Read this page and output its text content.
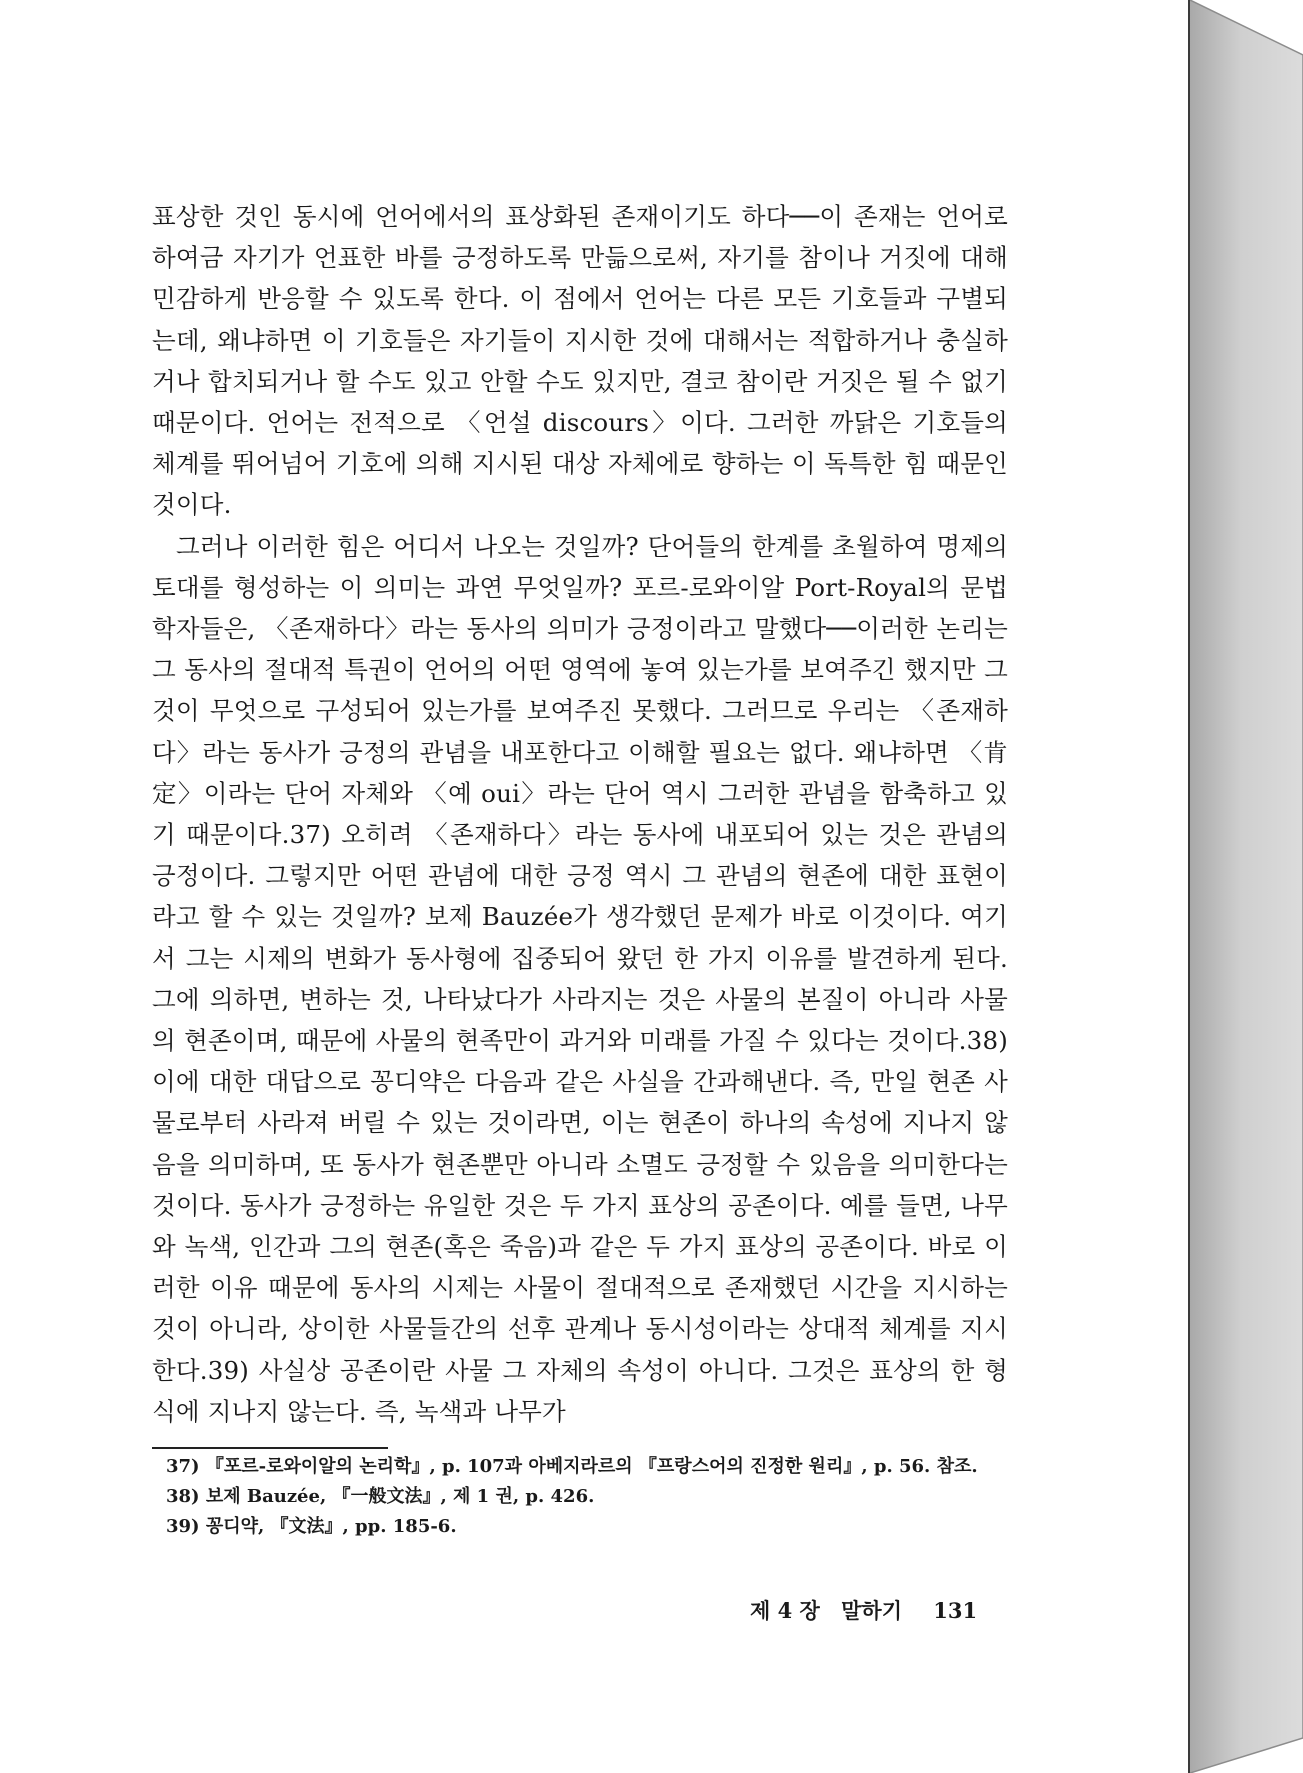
표상한 것인 동시에 언어에서의 표상화된 존재이기도 하다──이 존재는 언어로 하여금 자기가 언표한 바를 긍정하도록 만듦으로써, 자기를 참이나 거짓에 대해 민감하게 반응할 수 있도록 한다. 이 점에서 언어는 다른 모든 기호들과 구별되는데, 왜냐하면 이 기호들은 자기들이 지시한 것에 대해서는 적합하거나 충실하거나 합치되거나 할 수도 있고 안할 수도 있지만, 결코 참이란 거짓은 될 수 없기 때문이다. 언어는 전적으로 〈언설 discours〉이다. 그러한 까닭은 기호들의 체계를 뛰어넘어 기호에 의해 지시된 대상 자체에로 향하는 이 독특한 힘 때문인 것이다.

그러나 이러한 힘은 어디서 나오는 것일까? 단어들의 한계를 초월하여 명제의 토대를 형성하는 이 의미는 과연 무엇일까? 포르-로와이알 Port-Royal의 문법 학자들은, 〈존재하다〉라는 동사의 의미가 긍정이라고 말했다──이러한 논리는 그 동사의 절대적 특권이 언어의 어떤 영역에 놓여 있는가를 보여주긴 했지만 그것이 무엇으로 구성되어 있는가를 보여주진 못했다. 그러므로 우리는 〈존재하다〉라는 동사가 긍정의 관념을 내포한다고 이해할 필요는 없다. 왜냐하면 〈肯定〉이라는 단어 자체와 〈예 oui〉라는 단어 역시 그러한 관념을 함축하고 있기 때문이다.37) 오히려 〈존재하다〉라는 동사에 내포되어 있는 것은 관념의 긍정이다. 그렇지만 어떤 관념에 대한 긍정 역시 그 관념의 현존에 대한 표현이라고 할 수 있는 것일까? 보제 Bauzée가 생각했던 문제가 바로 이것이다. 여기서 그는 시제의 변화가 동사형에 집중되어 왔던 한 가지 이유를 발견하게 된다. 그에 의하면, 변하는 것, 나타났다가 사라지는 것은 사물의 본질이 아니라 사물의 현존이며, 때문에 사물의 현족만이 과거와 미래를 가질 수 있다는 것이다.38) 이에 대한 대답으로 꽁디약은 다음과 같은 사실을 간과해낸다. 즉, 만일 현존 사물로부터 사라져 버릴 수 있는 것이라면, 이는 현존이 하나의 속성에 지나지 않음을 의미하며, 또 동사가 현존뿐만 아니라 소멸도 긍정할 수 있음을 의미한다는 것이다. 동사가 긍정하는 유일한 것은 두 가지 표상의 공존이다. 예를 들면, 나무와 녹색, 인간과 그의 현존(혹은 죽음)과 같은 두 가지 표상의 공존이다. 바로 이러한 이유 때문에 동사의 시제는 사물이 절대적으로 존재했던 시간을 지시하는 것이 아니라, 상이한 사물들간의 선후 관계나 동시성이라는 상대적 체계를 지시한다.39) 사실상 공존이란 사물 그 자체의 속성이 아니다. 그것은 표상의 한 형식에 지나지 않는다. 즉, 녹색과 나무가

37) 『포르-로와이알의 논리학』, p. 107과 아베지라르의 『프랑스어의 진정한 원리』, p. 56. 참조.

38) 보제 Bauzée, 『一般文法』, 제 1 권, p. 426.

39) 꽁디약, 『文法』, pp. 185-6.

제 4 장 말하기 131
